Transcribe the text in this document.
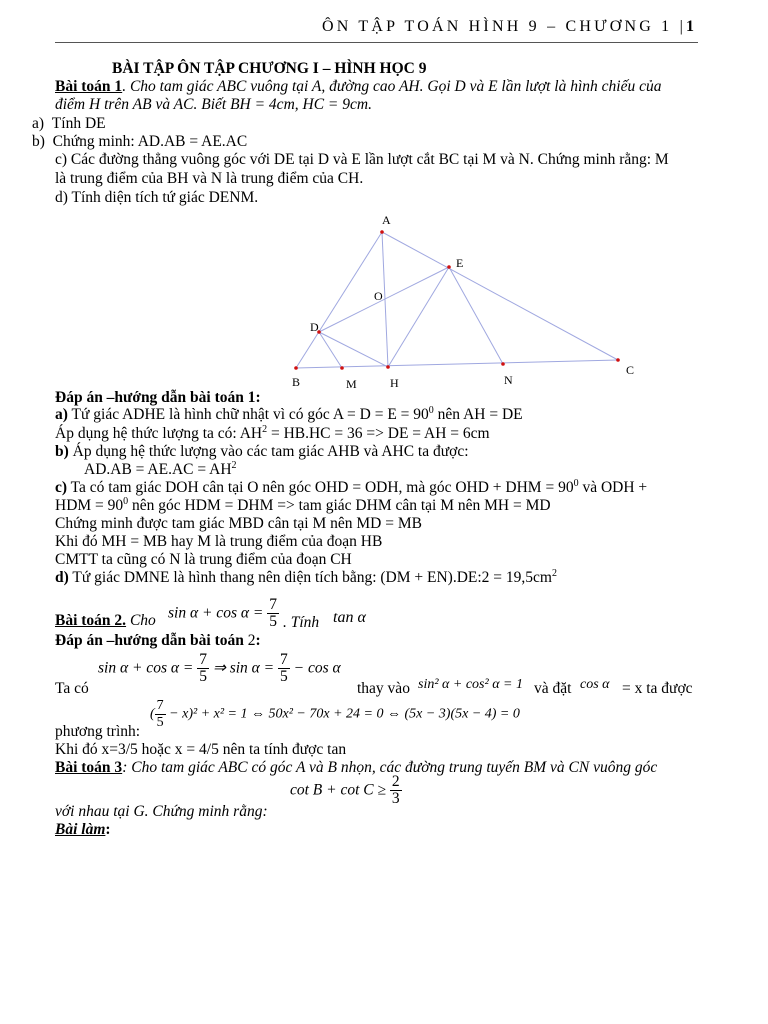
ÔN TẬP TOÁN HÌNH 9 – CHƯƠNG 1 |1
BÀI TẬP ÔN TẬP CHƯƠNG I – HÌNH HỌC 9
Bài toán 1. Cho tam giác ABC vuông tại A, đường cao AH. Gọi D và E lần lượt là hình chiếu của
điểm H trên AB và AC. Biết BH = 4cm, HC = 9cm.
a)  Tính DE
b)  Chứng minh: AD.AB = AE.AC
c) Các đường thẳng vuông góc với DE tại D và E lần lượt cắt BC tại M và N. Chứng minh rằng: M
là trung điểm của BH và N là trung điểm của CH.
d) Tính diện tích tứ giác DENM.
A
E
O
D
B	M	H	N
C
Đáp án –hướng dẫn bài toán 1:
a) Tứ giác ADHE là hình chữ nhật vì có góc $A = D = E = 90^0$ nên AH = DE
Áp dụng hệ thức lượng ta có: $AH^2 = HB.HC = 36$ => DE = AH = 6cm
b) Áp dụng hệ thức lượng vào các tam giác AHB và AHC ta được:
$AD.AB = AE.AC = AH^2$
c) Ta có tam giác DOH cân tại O nên góc OHD = ODH, mà góc OHD + DHM = $90^0$ và ODH +
HDM = $90^0$ nên góc HDM = DHM => tam giác DHM cân tại M nên MH = MD
Chứng minh được tam giác MBD cân tại M nên MD = MB
Khi đó MH = MB hay M là trung điểm của đoạn HB
CMTT ta cũng có N là trung điểm của đoạn CH
d) Tứ giác DMNE là hình thang nên diện tích bằng: (DM + EN).DE:2 = $19,5cm^2$
Bài toán 2. Cho $\sin \alpha + \cos \alpha = \frac{7}{5}$ . Tính tan α
Đáp án –hướng dẫn bài toán 2:
Ta có
$\sin \alpha + \cos \alpha = \frac{7}{5}$ ⇒ $\sin \alpha = \frac{7}{5} - \cos \alpha$
thay vào sin² α + cos² α = 1 và đặt cos α = x ta được
( $\frac{7}{5} - x)^2 + x^2 = 1$ ⇔ 50x² − 70x + 24 = 0 ⇔ (5x − 3)(5x − 4) = 0
phương trình:
Khi đó x=3/5 hoặc x = 4/5 nên ta tính được tan
Bài toán 3: Cho tam giác ABC có góc A và B nhọn, các đường trung tuyến BM và CN vuông góc
$\cot B + \cot C \ge \frac{2}{3}$
với nhau tại G. Chứng minh rằng:
Bài làm:
